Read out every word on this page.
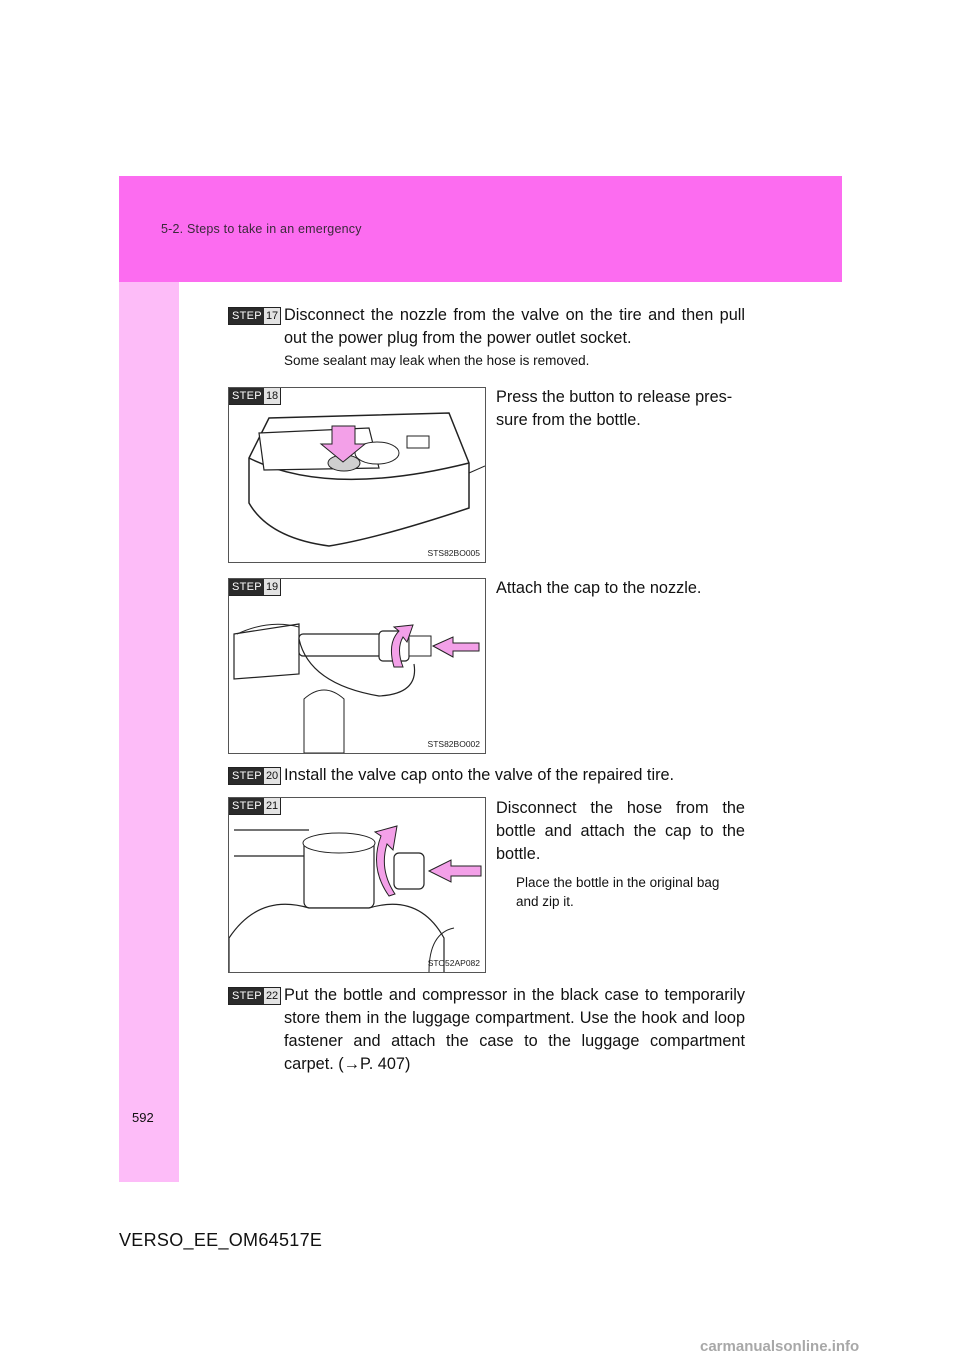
5-2. Steps to take in an emergency
STEP 17 Disconnect the nozzle from the valve on the tire and then pull out the power plug from the power outlet socket.
Some sealant may leak when the hose is removed.
STEP 18
STS82BO005
Press the button to release pres-
sure from the bottle.
STEP 19
STS82BO002
Attach the cap to the nozzle.
STEP 20 Install the valve cap onto the valve of the repaired tire.
STEP 21
STO52AP082
Disconnect the hose from the bottle and attach the cap to the bottle.
Place the bottle in the original bag and zip it.
STEP 22 Put the bottle and compressor in the black case to temporarily store them in the luggage compartment. Use the hook and loop fastener and attach the case to the luggage compartment carpet. (→P. 407)
592
VERSO_EE_OM64517E
carmanualsonline.info
